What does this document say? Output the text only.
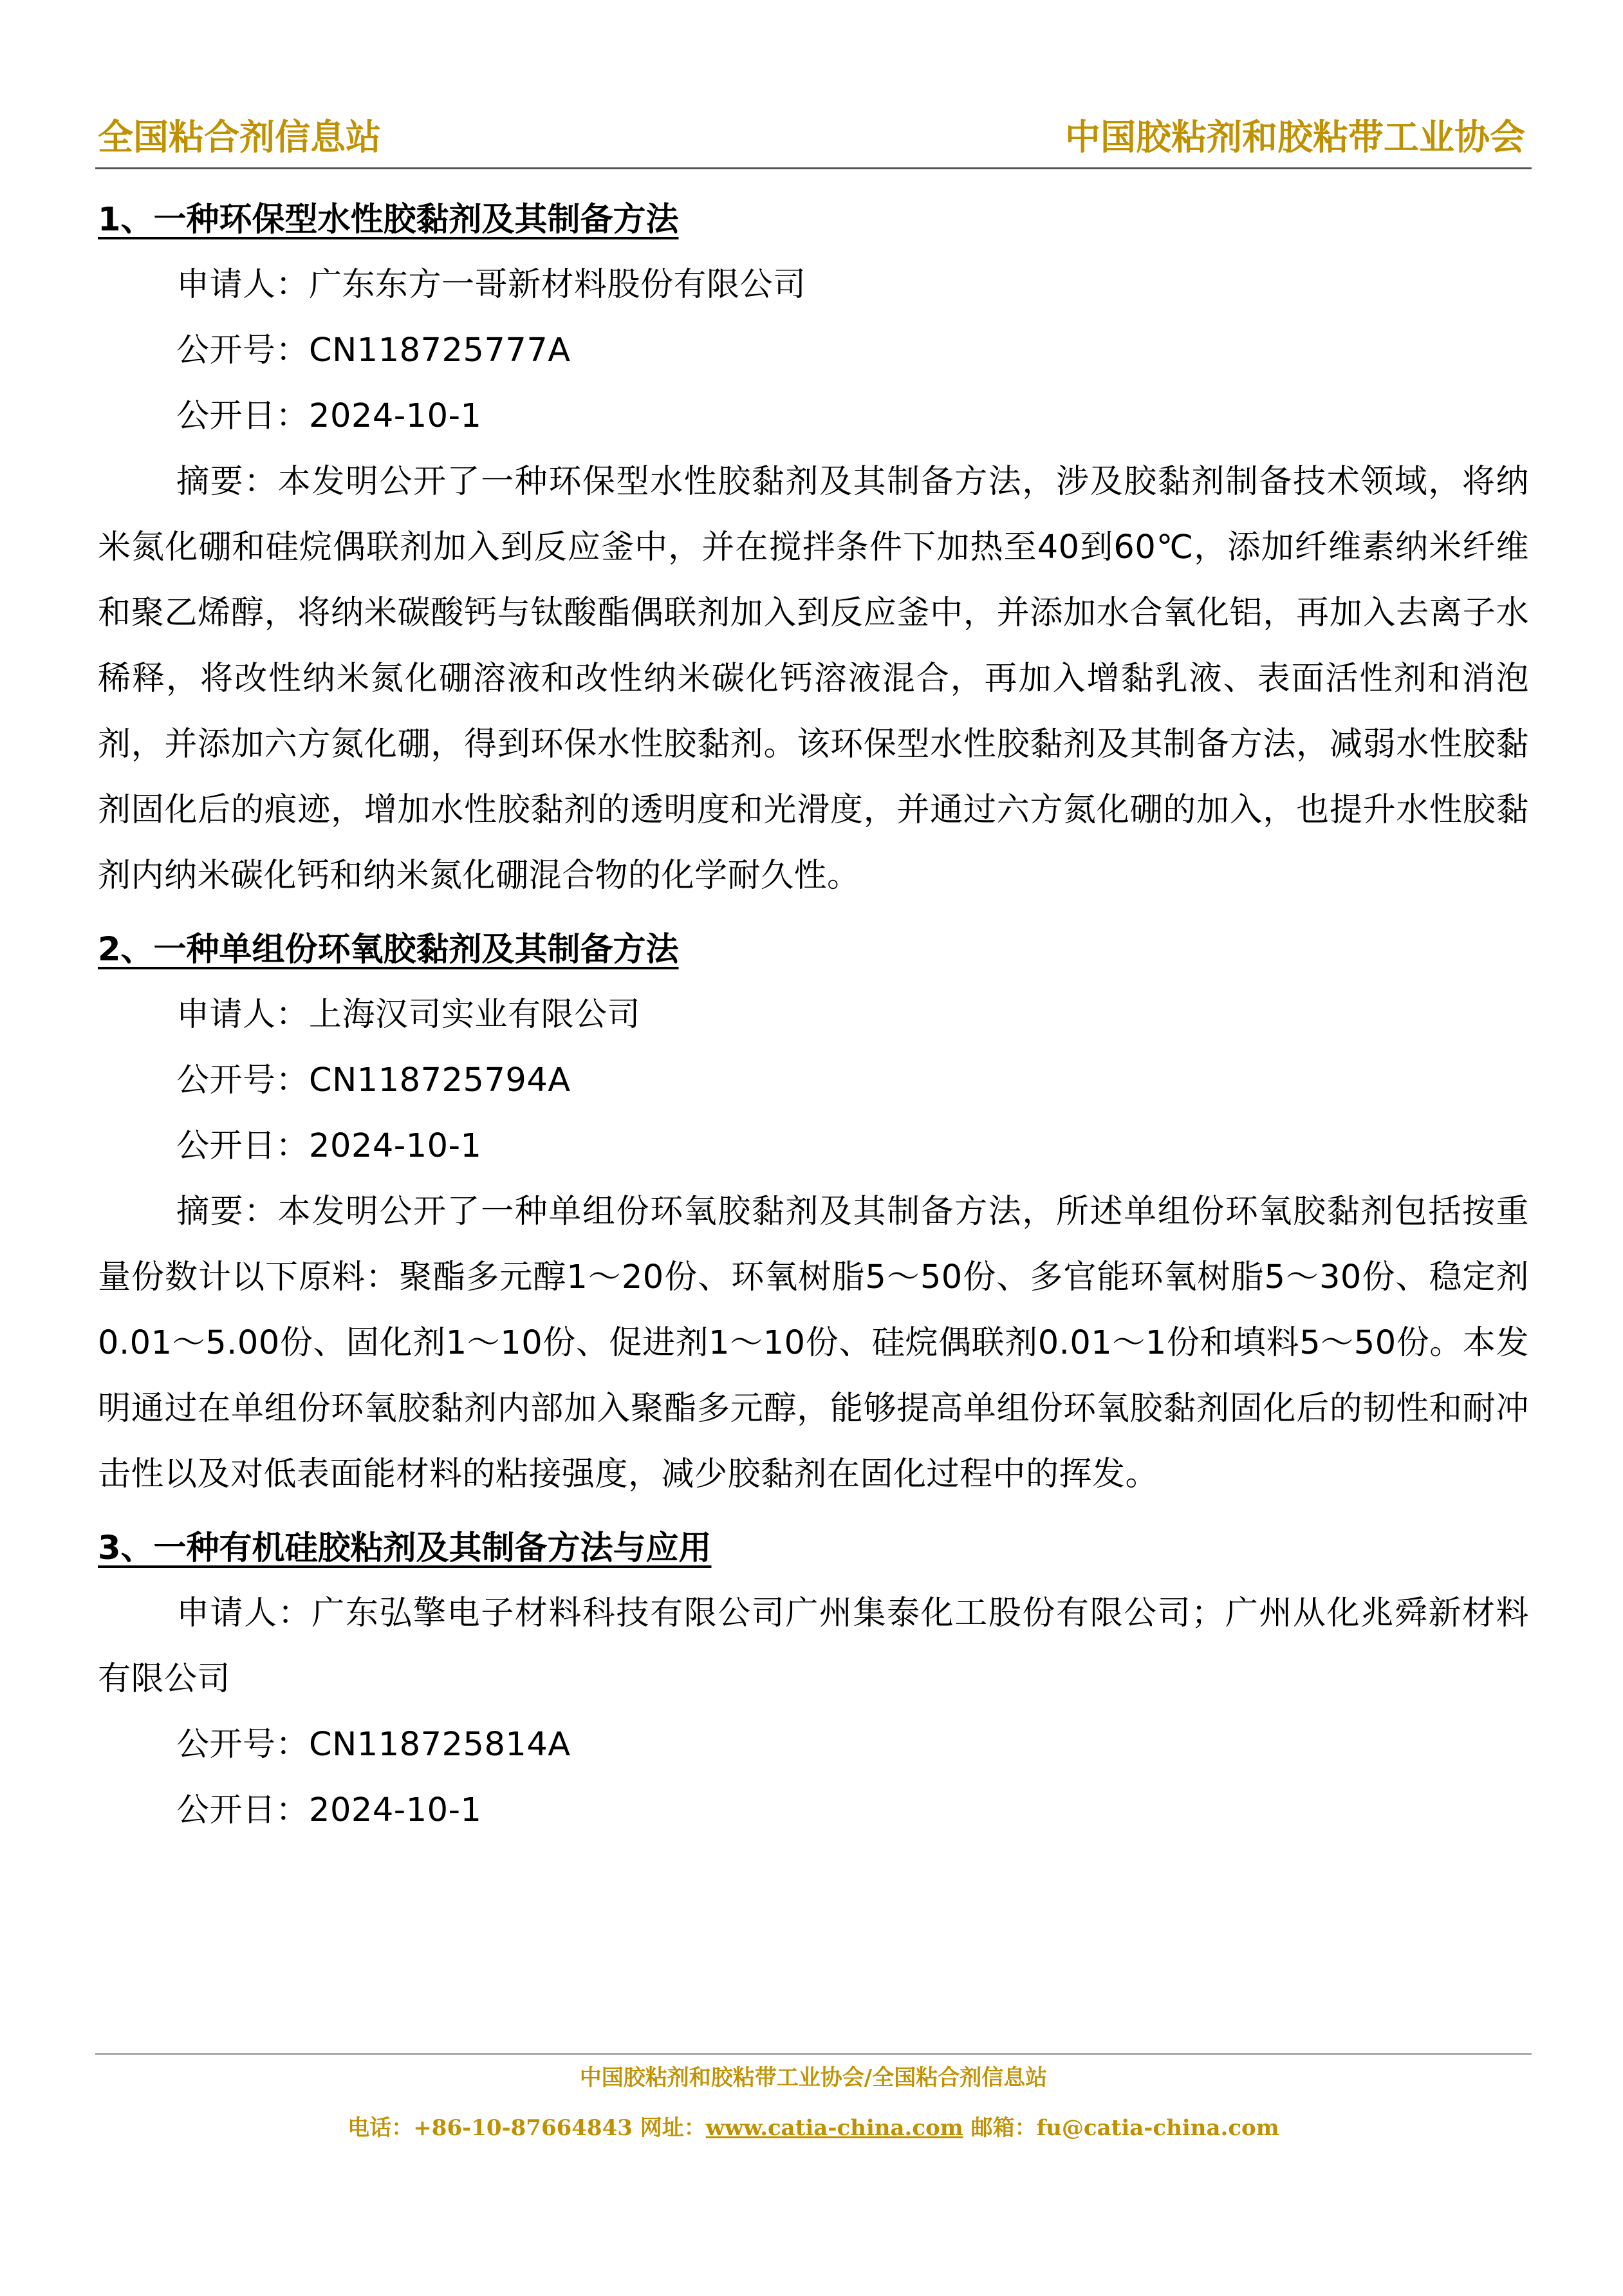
全国粘合剂信息站	中国胶粘剂和胶粘带工业协会

1、一种环保型水性胶黏剂及其制备方法

申请人：广东东方一哥新材料股份有限公司

公开号：CN118725777A

公开日：2024-10-1

摘要：本发明公开了一种环保型水性胶黏剂及其制备方法，涉及胶黏剂制备技术领域，将纳米氮化硼和硅烷偶联剂加入到反应釜中，并在搅拌条件下加热至40到60℃，添加纤维素纳米纤维和聚乙烯醇，将纳米碳酸钙与钛酸酯偶联剂加入到反应釜中，并添加水合氧化铝，再加入去离子水稀释，将改性纳米氮化硼溶液和改性纳米碳化钙溶液混合，再加入增黏乳液、表面活性剂和消泡剂，并添加六方氮化硼，得到环保水性胶黏剂。该环保型水性胶黏剂及其制备方法，减弱水性胶黏剂固化后的痕迹，增加水性胶黏剂的透明度和光滑度，并通过六方氮化硼的加入，也提升水性胶黏剂内纳米碳化钙和纳米氮化硼混合物的化学耐久性。

2、一种单组份环氧胶黏剂及其制备方法

申请人：上海汉司实业有限公司

公开号：CN118725794A

公开日：2024-10-1

摘要：本发明公开了一种单组份环氧胶黏剂及其制备方法，所述单组份环氧胶黏剂包括按重量份数计以下原料：聚酯多元醇1～20份、环氧树脂5～50份、多官能环氧树脂5～30份、稳定剂0.01～5.00份、固化剂1～10份、促进剂1～10份、硅烷偶联剂0.01～1份和填料5～50份。本发明通过在单组份环氧胶黏剂内部加入聚酯多元醇，能够提高单组份环氧胶黏剂固化后的韧性和耐冲击性以及对低表面能材料的粘接强度，减少胶黏剂在固化过程中的挥发。

3、一种有机硅胶粘剂及其制备方法与应用

申请人：广东弘擎电子材料科技有限公司广州集泰化工股份有限公司；广州从化兆舜新材料有限公司

公开号：CN118725814A

公开日：2024-10-1

中国胶粘剂和胶粘带工业协会/全国粘合剂信息站
电话：+86-10-87664843 网址：www.catia-china.com 邮箱：fu@catia-china.com
